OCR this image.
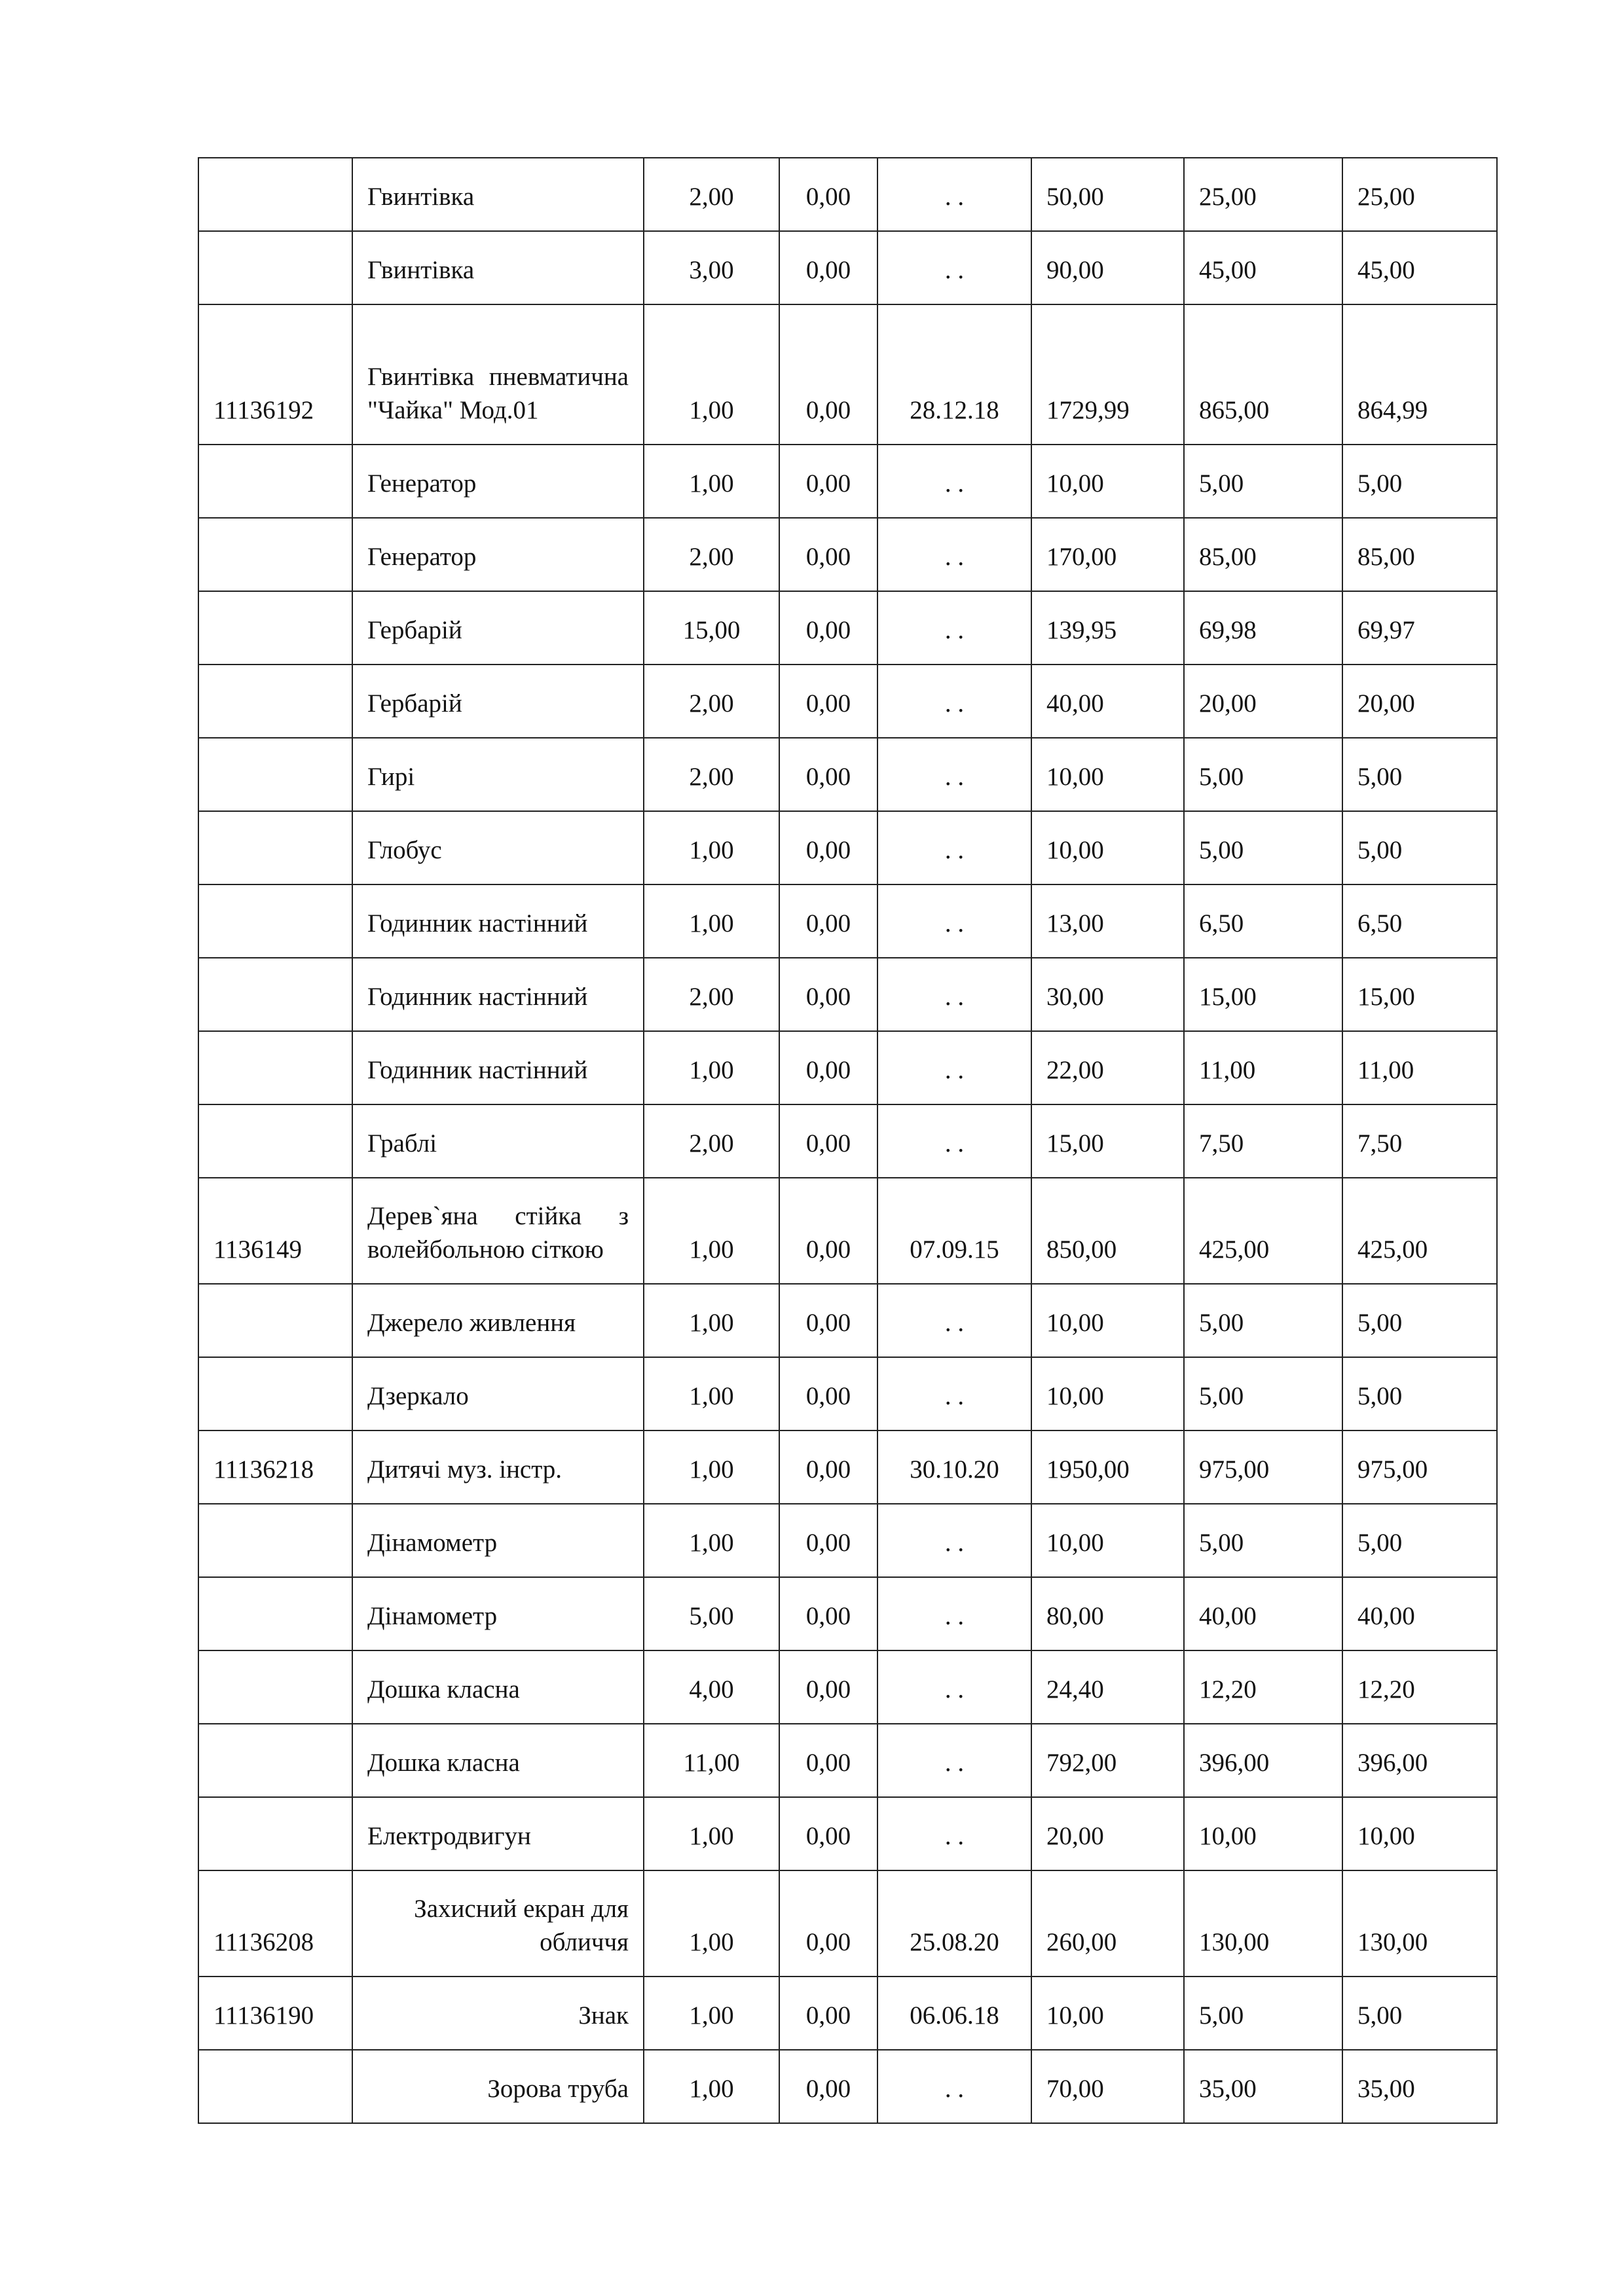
	Гвинтівка	2,00	0,00	. .	50,00	25,00	25,00
	Гвинтівка	3,00	0,00	. .	90,00	45,00	45,00
11136192	Гвинтівка пневматична "Чайка" Мод.01	1,00	0,00	28.12.18	1729,99	865,00	864,99
	Генератор	1,00	0,00	. .	10,00	5,00	5,00
	Генератор	2,00	0,00	. .	170,00	85,00	85,00
	Гербарій	15,00	0,00	. .	139,95	69,98	69,97
	Гербарій	2,00	0,00	. .	40,00	20,00	20,00
	Гирі	2,00	0,00	. .	10,00	5,00	5,00
	Глобус	1,00	0,00	. .	10,00	5,00	5,00
	Годинник настінний	1,00	0,00	. .	13,00	6,50	6,50
	Годинник настінний	2,00	0,00	. .	30,00	15,00	15,00
	Годинник настінний	1,00	0,00	. .	22,00	11,00	11,00
	Граблі	2,00	0,00	. .	15,00	7,50	7,50
1136149	Дерев`яна стійка з волейбольною сіткою	1,00	0,00	07.09.15	850,00	425,00	425,00
	Джерело живлення	1,00	0,00	. .	10,00	5,00	5,00
	Дзеркало	1,00	0,00	. .	10,00	5,00	5,00
11136218	Дитячі муз. інстр.	1,00	0,00	30.10.20	1950,00	975,00	975,00
	Дінамометр	1,00	0,00	. .	10,00	5,00	5,00
	Дінамометр	5,00	0,00	. .	80,00	40,00	40,00
	Дошка класна	4,00	0,00	. .	24,40	12,20	12,20
	Дошка класна	11,00	0,00	. .	792,00	396,00	396,00
	Електродвигун	1,00	0,00	. .	20,00	10,00	10,00
11136208	Захисний екран для обличчя	1,00	0,00	25.08.20	260,00	130,00	130,00
11136190	Знак	1,00	0,00	06.06.18	10,00	5,00	5,00
	Зорова труба	1,00	0,00	. .	70,00	35,00	35,00
